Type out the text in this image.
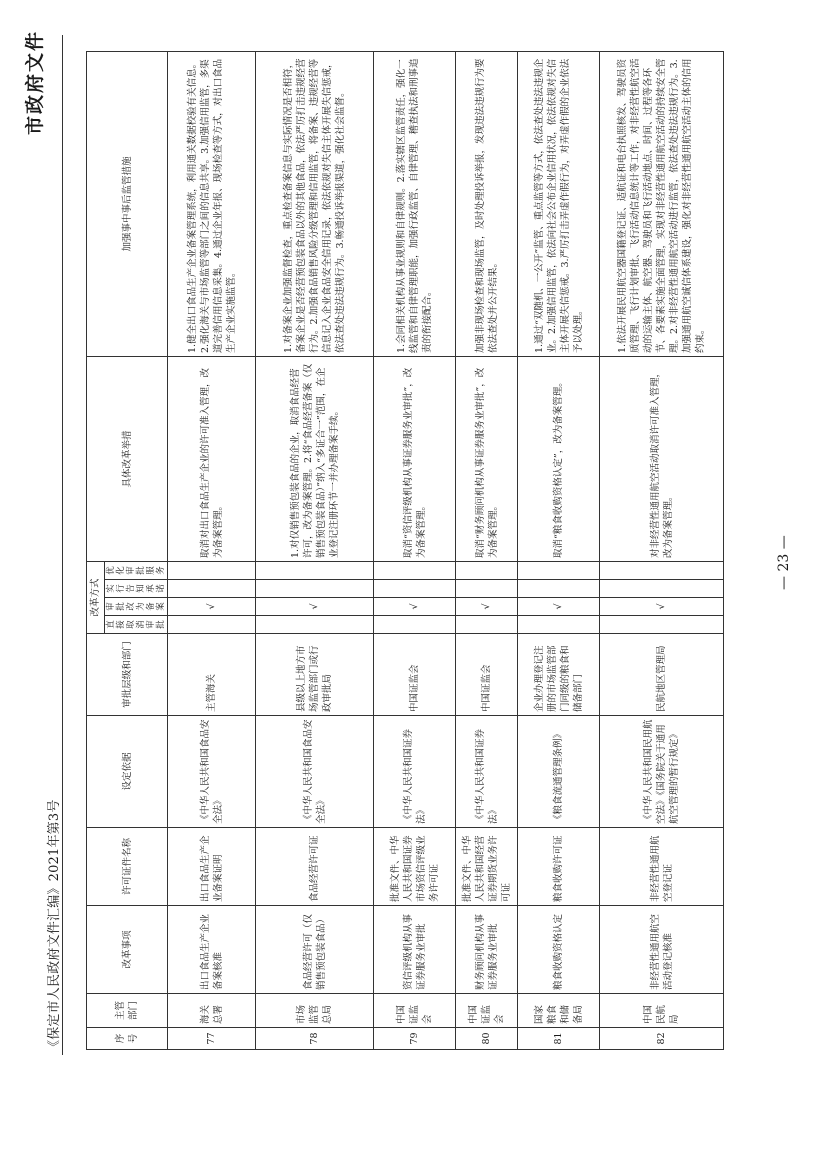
《保定市人民政府文件汇编》2021年第3号
市政府文件
序号	主管部门	改革事项	许可证件名称	设定依据	审批层级和部门	改革方式				具体改革举措	加强事中事后监管措施
						直接取消审批	审批改为备案	实行告知承诺	优化审批服务		
77	海关总署	出口食品生产企业备案核准	出口食品生产企业备案证明	《中华人民共和国食品安全法》	主管海关		√			取消对出口食品生产企业的许可准入管理，改为备案管理。	1.健全出口食品生产企业备案管理系统，利用通关数据校验有关信息。2.强化海关与市场监管等部门之间的信息共享。3.加强信用监管，多渠道完善信用信息采集。4.通过企业年报、现场检查等方式，对出口食品生产企业实施监管。
78	市场监管总局	食品经营许可（仅销售预包装食品）	食品经营许可证	《中华人民共和国食品安全法》	县级以上地方市场监管部门或行政审批局		√			1.对仅销售预包装食品的企业，取消食品经营许可，改为备案管理。2.将“食品经营备案（仅销售预包装食品）”纳入“多证合一”范围，在企业登记注册环节一并办理备案手续。	1.对备案企业加强监督检查，重点检查备案信息与实际情况是否相符，备案企业是否经营预包装食品以外的其他食品，依法严厉打击违规经营行为。2.加强食品销售风险分级管理和信用监管，将备案、违规经营等信息记入企业食品安全信用记录，依法依规对失信主体开展失信惩戒，依法查处违法违规行为。3.畅通投诉举报渠道，强化社会监督。
79	中国证监会	资信评级机构从事证券服务业审批	批准文件、中华人民共和国证券市场资信评级业务许可证	《中华人民共和国证券法》	中国证监会		√			取消“资信评级机构从事证券服务业审批”，改为备案管理。	1.会同相关机构从事业规则和自律规则。2.落实辖区监管责任，强化一线监管和自律管理职能，加强行政监管、自律管理、稽查执法和刑事追责的衔接配合。
80	中国证监会	财务顾问机构从事证券服务业审批	批准文件、中华人民共和国经营证券期货业务许可证	《中华人民共和国证券法》	中国证监会		√			取消“财务顾问机构从事证券服务业审批”，改为备案管理。	加强非现场检查和现场监管，及时处理投诉举报，发现违法违规行为要依法查处并公开结果。
81	国家粮食和储备局	粮食收购资格认定	粮食收购许可证	《粮食流通管理条例》	企业办理登记注册的市场监管部门同级的粮食和储备部门		√			取消“粮食收购资格认定”，改为备案管理。	1.通过“双随机、一公开”监管、重点监管等方式，依法查处违法违规企业。2.加强信用监管，依法向社会公布企业信用状况，依法依规对失信主体开展失信惩戒。3.严厉打击弄虚作假行为，对弄虚作假的企业依法予以处理。
82	中国民航局	非经营性通用航空活动登记核准	非经营性通用航空登记证	《中华人民共和国民用航空法》《国务院关于通用航空管理的暂行规定》	民航地区管理局		√			对非经营性通用航空活动取消许可准入管理，改为备案管理。	1.依法开展民用航空器国籍登记证、适航证和电台执照核发、驾驶员资质管理、飞行计划审批、飞行活动信息统计等工作，对非经营性航空活动的运输主体、航空器、驾驶员和飞行活动地点、时间、过程等各环节、各要素实施全面管理，实现对非经营性通用航空活动的持续安全管理。2.对非经营性通用航空活动进行监管，依法查处违法违规行为。3.加强通用航空诚信体系建设，强化对非经营性通用航空活动主体的信用约束。
— 23 —
